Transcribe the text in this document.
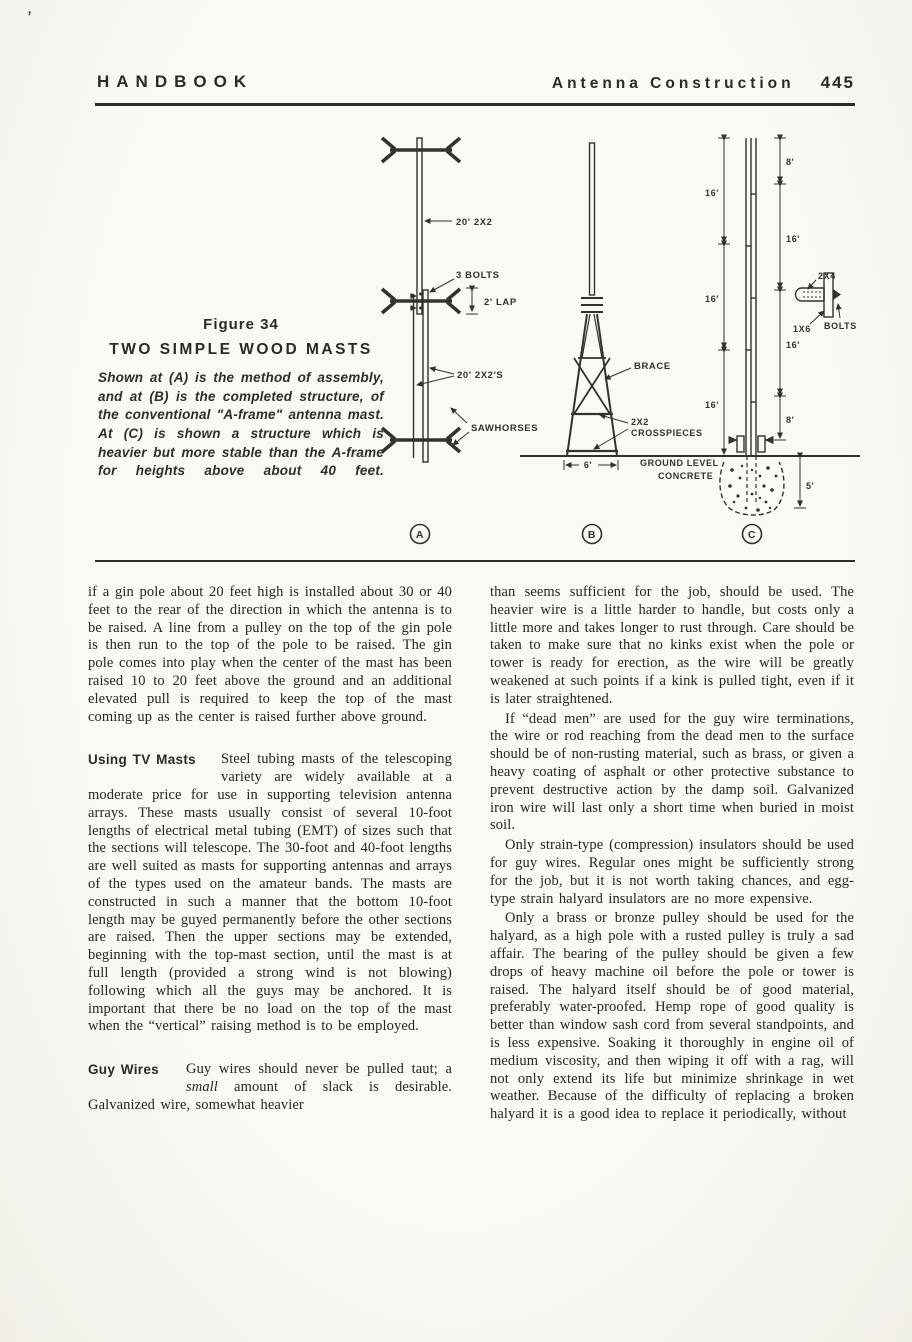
’
HANDBOOK	Antenna Construction 445
Figure 34
TWO SIMPLE WOOD MASTS
Shown at (A) is the method of assembly, and at (B) is the completed structure, of the conventional "A-frame" antenna mast. At (C) is shown a structure which is heavier but more stable than the A-frame for heights above about 40 feet.
20' 2X2
3 BOLTS
2' LAP
20' 2X2'S
SAWHORSES
A
BRACE
2X2
CROSSPIECES
6'	GROUND LEVEL
CONCRETE
B
16'
16'
16'
8'
16'
16'
8'
2X4
1X6 BOLTS
5'
C

if a gin pole about 20 feet high is installed about 30 or 40 feet to the rear of the direction in which the antenna is to be raised. A line from a pulley on the top of the gin pole is then run to the top of the pole to be raised. The gin pole comes into play when the center of the mast has been raised 10 to 20 feet above the ground and an additional elevated pull is required to keep the top of the mast coming up as the center is raised further above ground.

Using TV Masts	Steel tubing masts of the telescoping variety are widely available at a moderate price for use in supporting television antenna arrays. These masts usually consist of several 10-foot lengths of electrical metal tubing (EMT) of sizes such that the sections will telescope. The 30-foot and 40-foot lengths are well suited as masts for supporting antennas and arrays of the types used on the amateur bands. The masts are constructed in such a manner that the bottom 10-foot length may be guyed permanently before the other sections are raised. Then the upper sections may be extended, beginning with the top-mast section, until the mast is at full length (provided a strong wind is not blowing) following which all the guys may be anchored. It is important that there be no load on the top of the mast when the “vertical” raising method is to be employed.

Guy Wires	Guy wires should never be pulled taut; a small amount of slack is desirable. Galvanized wire, somewhat heavier

than seems sufficient for the job, should be used. The heavier wire is a little harder to handle, but costs only a little more and takes longer to rust through. Care should be taken to make sure that no kinks exist when the pole or tower is ready for erection, as the wire will be greatly weakened at such points if a kink is pulled tight, even if it is later straightened.

If “dead men” are used for the guy wire terminations, the wire or rod reaching from the dead men to the surface should be of non-rusting material, such as brass, or given a heavy coating of asphalt or other protective substance to prevent destructive action by the damp soil. Galvanized iron wire will last only a short time when buried in moist soil.

Only strain-type (compression) insulators should be used for guy wires. Regular ones might be sufficiently strong for the job, but it is not worth taking chances, and egg-type strain halyard insulators are no more expensive.

Only a brass or bronze pulley should be used for the halyard, as a high pole with a rusted pulley is truly a sad affair. The bearing of the pulley should be given a few drops of heavy machine oil before the pole or tower is raised. The halyard itself should be of good material, preferably water-proofed. Hemp rope of good quality is better than window sash cord from several standpoints, and is less expensive. Soaking it thoroughly in engine oil of medium viscosity, and then wiping it off with a rag, will not only extend its life but minimize shrinkage in wet weather. Because of the difficulty of replacing a broken halyard it is a good idea to replace it periodically, without
